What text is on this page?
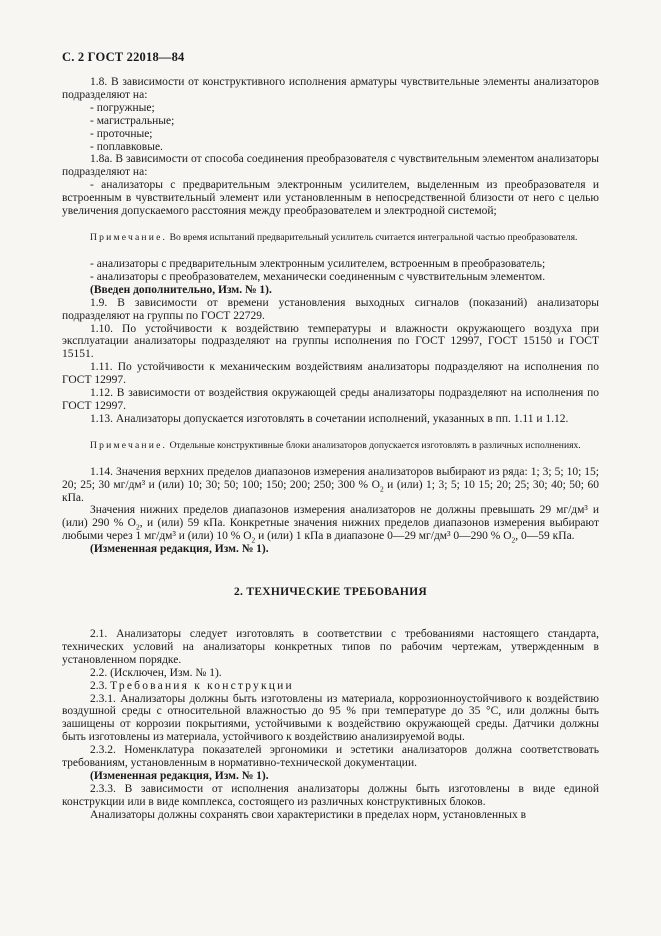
С. 2 ГОСТ 22018—84

1.8. В зависимости от конструктивного исполнения арматуры чувствительные элементы анализаторов подразделяют на:

- погружные;

- магистральные;

- проточные;

- поплавковые.

1.8а. В зависимости от способа соединения преобразователя с чувствительным элементом анализаторы подразделяют на:

- анализаторы с предварительным электронным усилителем, выделенным из преобразователя и встроенным в чувствительный элемент или установленным в непосредственной близости от него с целью увеличения допускаемого расстояния между преобразователем и электродной системой;

Примечание. Во время испытаний предварительный усилитель считается интегральной частью преобразователя.

- анализаторы с предварительным электронным усилителем, встроенным в преобразователь;

- анализаторы с преобразователем, механически соединенным с чувствительным элементом.

(Введен дополнительно, Изм. № 1).

1.9. В зависимости от времени установления выходных сигналов (показаний) анализаторы подразделяют на группы по ГОСТ 22729.

1.10. По устойчивости к воздействию температуры и влажности окружающего воздуха при эксплуатации анализаторы подразделяют на группы исполнения по ГОСТ 12997, ГОСТ 15150 и ГОСТ 15151.

1.11. По устойчивости к механическим воздействиям анализаторы подразделяют на исполнения по ГОСТ 12997.

1.12. В зависимости от воздействия окружающей среды анализаторы подразделяют на исполнения по ГОСТ 12997.

1.13. Анализаторы допускается изготовлять в сочетании исполнений, указанных в пп. 1.11 и 1.12.

Примечание. Отдельные конструктивные блоки анализаторов допускается изготовлять в различных исполнениях.

1.14. Значения верхних пределов диапазонов измерения анализаторов выбирают из ряда: 1; 3; 5; 10; 15; 20; 25; 30 мг/дм³ и (или) 10; 30; 50; 100; 150; 200; 250; 300 % $O_2$ и (или) 1; 3; 5; 10 15; 20; 25; 30; 40; 50; 60 кПа.

Значения нижних пределов диапазонов измерения анализаторов не должны превышать 29 мг/дм³ и (или) 290 % $O_2$, и (или) 59 кПа. Конкретные значения нижних пределов диапазонов измерения выбирают любыми через 1 мг/дм³ и (или) 10 % $O_2$ и (или) 1 кПа в диапазоне 0—29 мг/дм³ 0—290 % $O_2$, 0—59 кПа.

(Измененная редакция, Изм. № 1).

2. ТЕХНИЧЕСКИЕ ТРЕБОВАНИЯ

2.1. Анализаторы следует изготовлять в соответствии с требованиями настоящего стандарта, технических условий на анализаторы конкретных типов по рабочим чертежам, утвержденным в установленном порядке.

2.2. (Исключен, Изм. № 1).

2.3. Требования к конструкции

2.3.1. Анализаторы должны быть изготовлены из материала, коррозионноустойчивого к воздействию воздушной среды с относительной влажностью до 95 % при температуре до 35 °С, или должны быть зашищены от коррозии покрытиями, устойчивыми к воздействию окружающей среды. Датчики должны быть изготовлены из материала, устойчивого к воздействию анализируемой воды.

2.3.2. Номенклатура показателей эргономики и эстетики анализаторов должна соответствовать требованиям, установленным в нормативно-технической документации.

(Измененная редакция, Изм. № 1).

2.3.3. В зависимости от исполнения анализаторы должны быть изготовлены в виде единой конструкции или в виде комплекса, состоящего из различных конструктивных блоков.

Анализаторы должны сохранять свои характеристики в пределах норм, установленных в
